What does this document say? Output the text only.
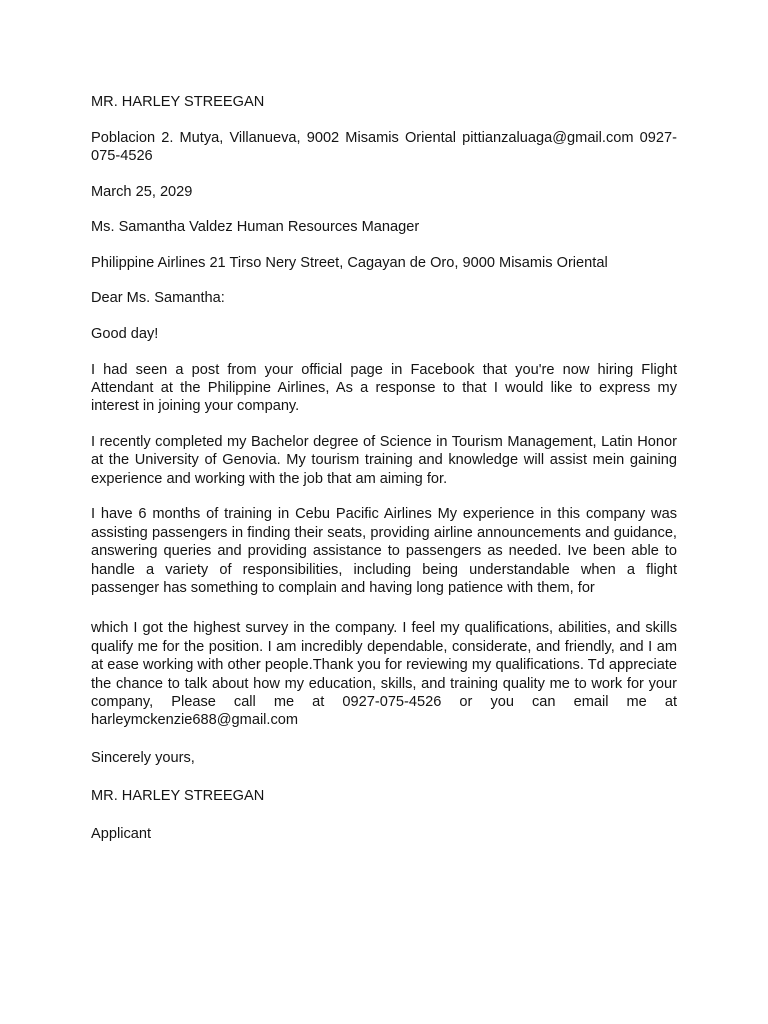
MR. HARLEY STREEGAN

Poblacion 2. Mutya, Villanueva, 9002 Misamis Oriental pittianzaluaga@gmail.com 0927-075-4526

March 25, 2029

Ms. Samantha Valdez Human Resources Manager

Philippine Airlines 21 Tirso Nery Street, Cagayan de Oro, 9000 Misamis Oriental

Dear Ms. Samantha:

Good day!

I had seen a post from your official page in Facebook that you're now hiring Flight Attendant at the Philippine Airlines, As a response to that I would like to express my interest in joining your company.

I recently completed my Bachelor degree of Science in Tourism Management, Latin Honor at the University of Genovia. My tourism training and knowledge will assist mein gaining experience and working with the job that am aiming for.

I have 6 months of training in Cebu Pacific Airlines My experience in this company was assisting passengers in finding their seats, providing airline announcements and guidance, answering queries and providing assistance to passengers as needed. Ive been able to handle a variety of responsibilities, including being understandable when a flight passenger has something to complain and having long patience with them, for

which I got the highest survey in the company. I feel my qualifications, abilities, and skills qualify me for the position. I am incredibly dependable, considerate, and friendly, and I am at ease working with other people.Thank you for reviewing my qualifications. Td appreciate the chance to talk about how my education, skills, and training quality me to work for your company, Please call me at 0927-075-4526 or you can email me at harleymckenzie688@gmail.com

Sincerely yours,

MR. HARLEY STREEGAN

Applicant
